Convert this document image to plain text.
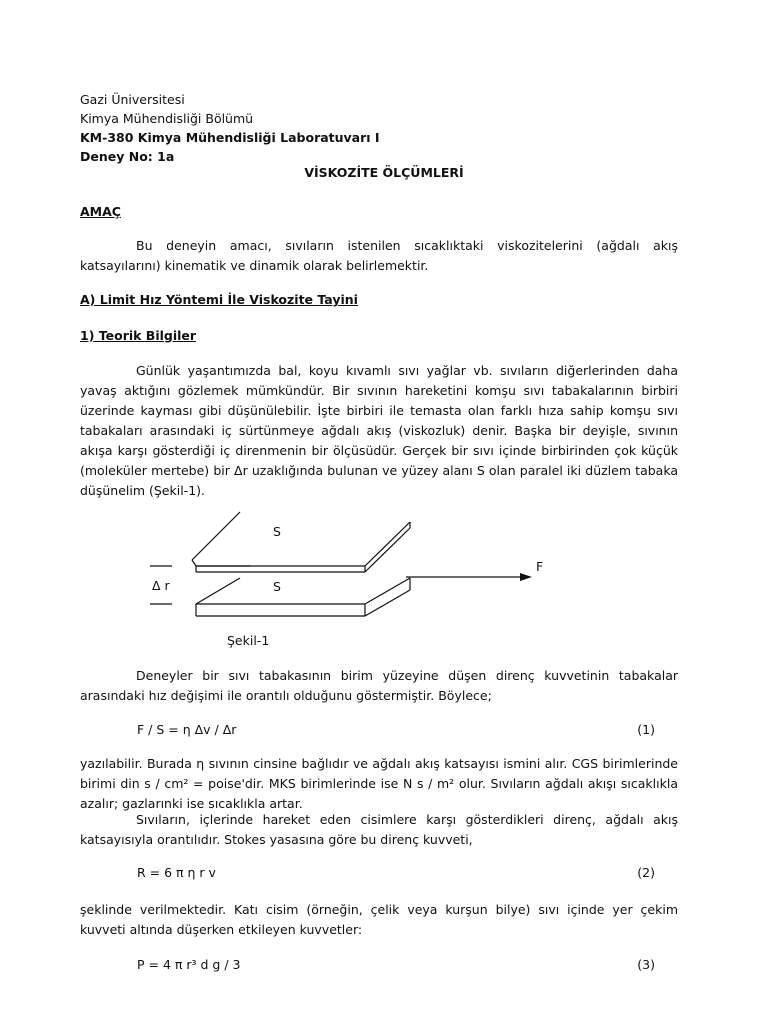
Gazi Üniversitesi
Kimya Mühendisliği Bölümü
KM-380 Kimya Mühendisliği Laboratuvarı I
Deney No: 1a
VİSKOZİTE ÖLÇÜMLERİ
AMAÇ
Bu deneyin amacı, sıvıların istenilen sıcaklıktaki viskozitelerini (ağdalı akış katsayılarını) kinematik ve dinamik olarak belirlemektir.
A) Limit Hız Yöntemi İle Viskozite Tayini
1) Teorik Bilgiler
Günlük yaşantımızda bal, koyu kıvamlı sıvı yağlar vb. sıvıların diğerlerinden daha yavaş aktığını gözlemek mümkündür. Bir sıvının hareketini komşu sıvı tabakalarının birbiri üzerinde kayması gibi düşünülebilir. İşte birbiri ile temasta olan farklı hıza sahip komşu sıvı tabakaları arasındaki iç sürtünmeye ağdalı akış (viskozluk) denir. Başka bir deyişle, sıvının akışa karşı gösterdiği iç direnmenin bir ölçüsüdür. Gerçek bir sıvı içinde birbirinden çok küçük (moleküler mertebe) bir Δr uzaklığında bulunan ve yüzey alanı S olan paralel iki düzlem tabaka düşünelim (Şekil-1).
S
S
Δ r
F
Şekil-1
Deneyler bir sıvı tabakasının birim yüzeyine düşen direnç kuvvetinin tabakalar arasındaki hız değişimi ile orantılı olduğunu göstermiştir. Böylece;
F / S = η Δv / Δr	(1)
yazılabilir. Burada η sıvının cinsine bağlıdır ve ağdalı akış katsayısı ismini alır. CGS birimlerinde birimi din s / cm² = poise'dir. MKS birimlerinde ise N s / m² olur. Sıvıların ağdalı akışı sıcaklıkla azalır; gazlarınki ise sıcaklıkla artar.
Sıvıların, içlerinde hareket eden cisimlere karşı gösterdikleri direnç, ağdalı akış katsayısıyla orantılıdır. Stokes yasasına göre bu direnç kuvveti,
R = 6 π η r v	(2)
şeklinde verilmektedir. Katı cisim (örneğin, çelik veya kurşun bilye) sıvı içinde yer çekim kuvveti altında düşerken etkileyen kuvvetler:
P = 4 π r³ d g / 3	(3)
